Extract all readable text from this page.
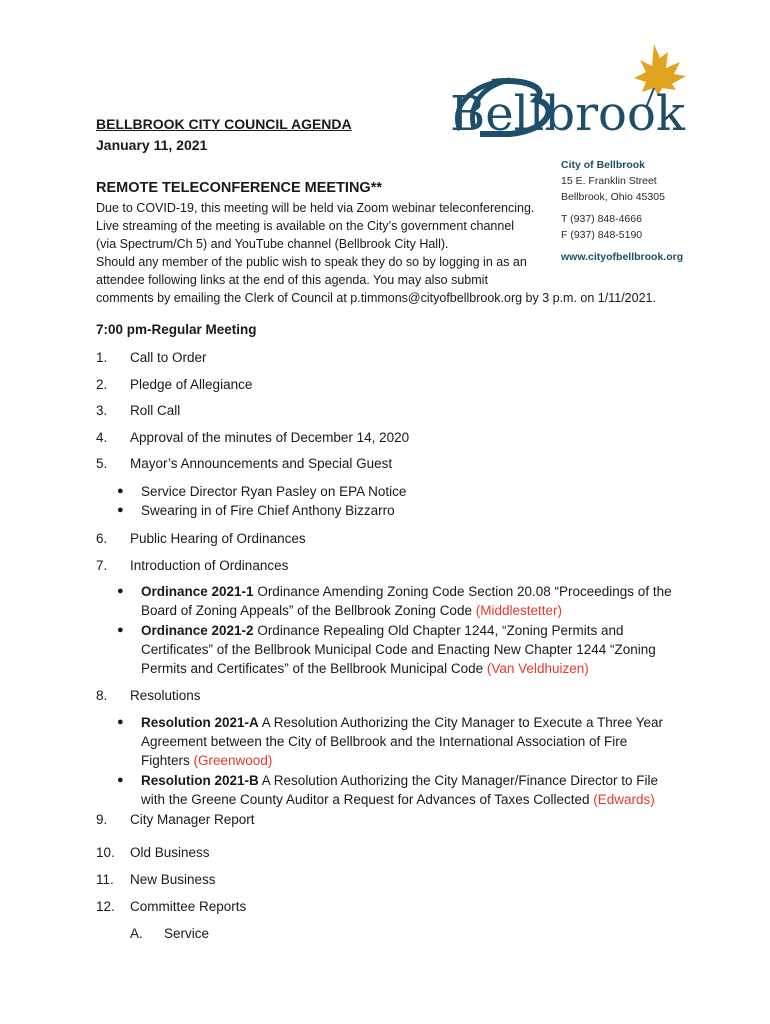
Bellbrook
BELLBROOK CITY COUNCIL AGENDA
January 11, 2021
REMOTE TELECONFERENCE MEETING**
City of Bellbrook
15 E. Franklin Street
Bellbrook, Ohio 45305
T (937) 848-4666
F (937) 848-5190
www.cityofbellbrook.org
Due to COVID-19, this meeting will be held via Zoom webinar teleconferencing.
Live streaming of the meeting is available on the City’s government channel
(via Spectrum/Ch 5) and YouTube channel (Bellbrook City Hall).
Should any member of the public wish to speak they do so by logging in as an
attendee following links at the end of this agenda. You may also submit
comments by emailing the Clerk of Council at p.timmons@cityofbellbrook.org by 3 p.m. on 1/11/2021.
7:00 pm-Regular Meeting
1.	Call to Order
2.	Pledge of Allegiance
3.	Roll Call
4.	Approval of the minutes of December 14, 2020
5.	Mayor’s Announcements and Special Guest
● Service Director Ryan Pasley on EPA Notice
● Swearing in of Fire Chief Anthony Bizzarro
6.	Public Hearing of Ordinances
7.	Introduction of Ordinances
● Ordinance 2021-1 Ordinance Amending Zoning Code Section 20.08 “Proceedings of the
Board of Zoning Appeals” of the Bellbrook Zoning Code (Middlestetter)
● Ordinance 2021-2 Ordinance Repealing Old Chapter 1244, “Zoning Permits and
Certificates” of the Bellbrook Municipal Code and Enacting New Chapter 1244 “Zoning
Permits and Certificates” of the Bellbrook Municipal Code (Van Veldhuizen)
8.	Resolutions
● Resolution 2021-A A Resolution Authorizing the City Manager to Execute a Three Year
Agreement between the City of Bellbrook and the International Association of Fire
Fighters (Greenwood)
● Resolution 2021-B A Resolution Authorizing the City Manager/Finance Director to File
with the Greene County Auditor a Request for Advances of Taxes Collected (Edwards)
9.	City Manager Report
10.	Old Business
11.	New Business
12.	Committee Reports
A. Service
